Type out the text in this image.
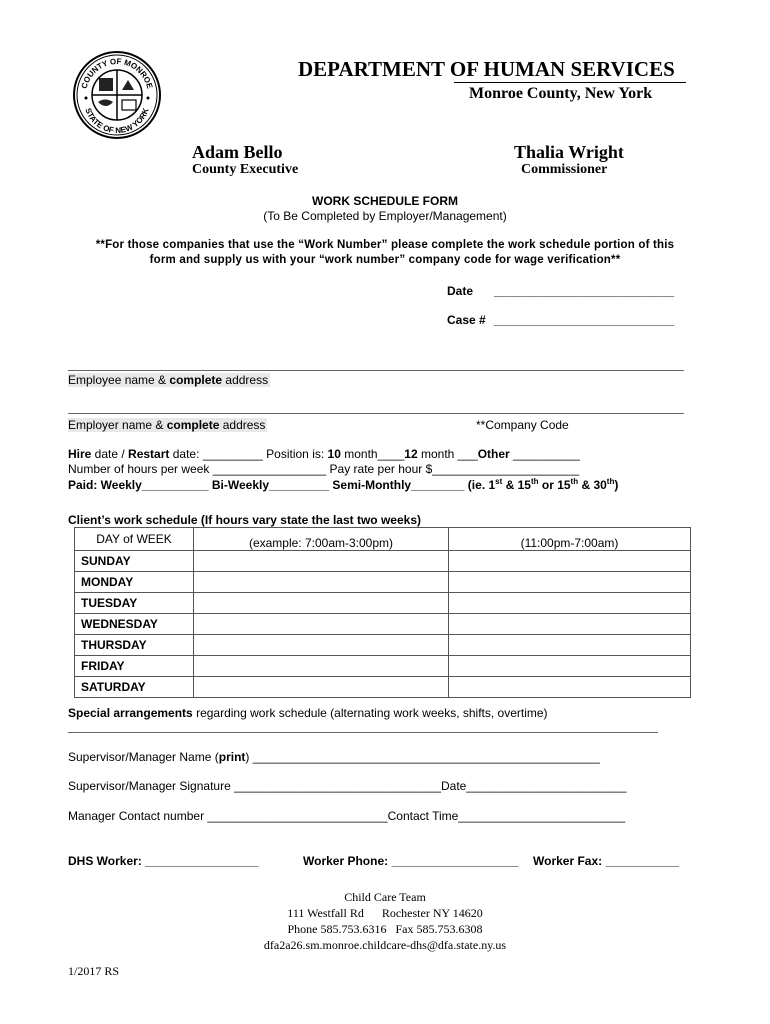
COUNTY OF MONROE
STATE OF NEW YORK
DEPARTMENT OF HUMAN SERVICES
Monroe County, New York
Adam Bello
County Executive
Thalia Wright
Commissioner
WORK SCHEDULE FORM
(To Be Completed by Employer/Management)
**For those companies that use the “Work Number” please complete the work schedule portion of this
form and supply us with your “work number” company code for wage verification**
Date ___________________________
Case # ___________________________
Employee name & complete address
Employer name & complete address	**Company Code
Hire date / Restart date: _________ Position is: 10 month____12 month ___Other __________
Number of hours per week _________________ Pay rate per hour $______________________
Paid: Weekly__________ Bi-Weekly_________ Semi-Monthly________ (ie. 1st & 15th or 15th & 30th)
Client’s work schedule (If hours vary state the last two weeks)
DAY of WEEK	(example: 7:00am-3:00pm)	(11:00pm-7:00am)
SUNDAY		
MONDAY		
TUESDAY		
WEDNESDAY		
THURSDAY		
FRIDAY		
SATURDAY		
Special arrangements regarding work schedule (alternating work weeks, shifts, overtime)
Supervisor/Manager Name (print) ____________________________________________________
Supervisor/Manager Signature _______________________________Date________________________
Manager Contact number ___________________________Contact Time_________________________
DHS Worker: _________________	Worker Phone: ___________________ Worker Fax: ___________
Child Care Team
111 Westfall Rd      Rochester NY 14620
Phone 585.753.6316   Fax 585.753.6308
dfa2a26.sm.monroe.childcare-dhs@dfa.state.ny.us
1/2017 RS
